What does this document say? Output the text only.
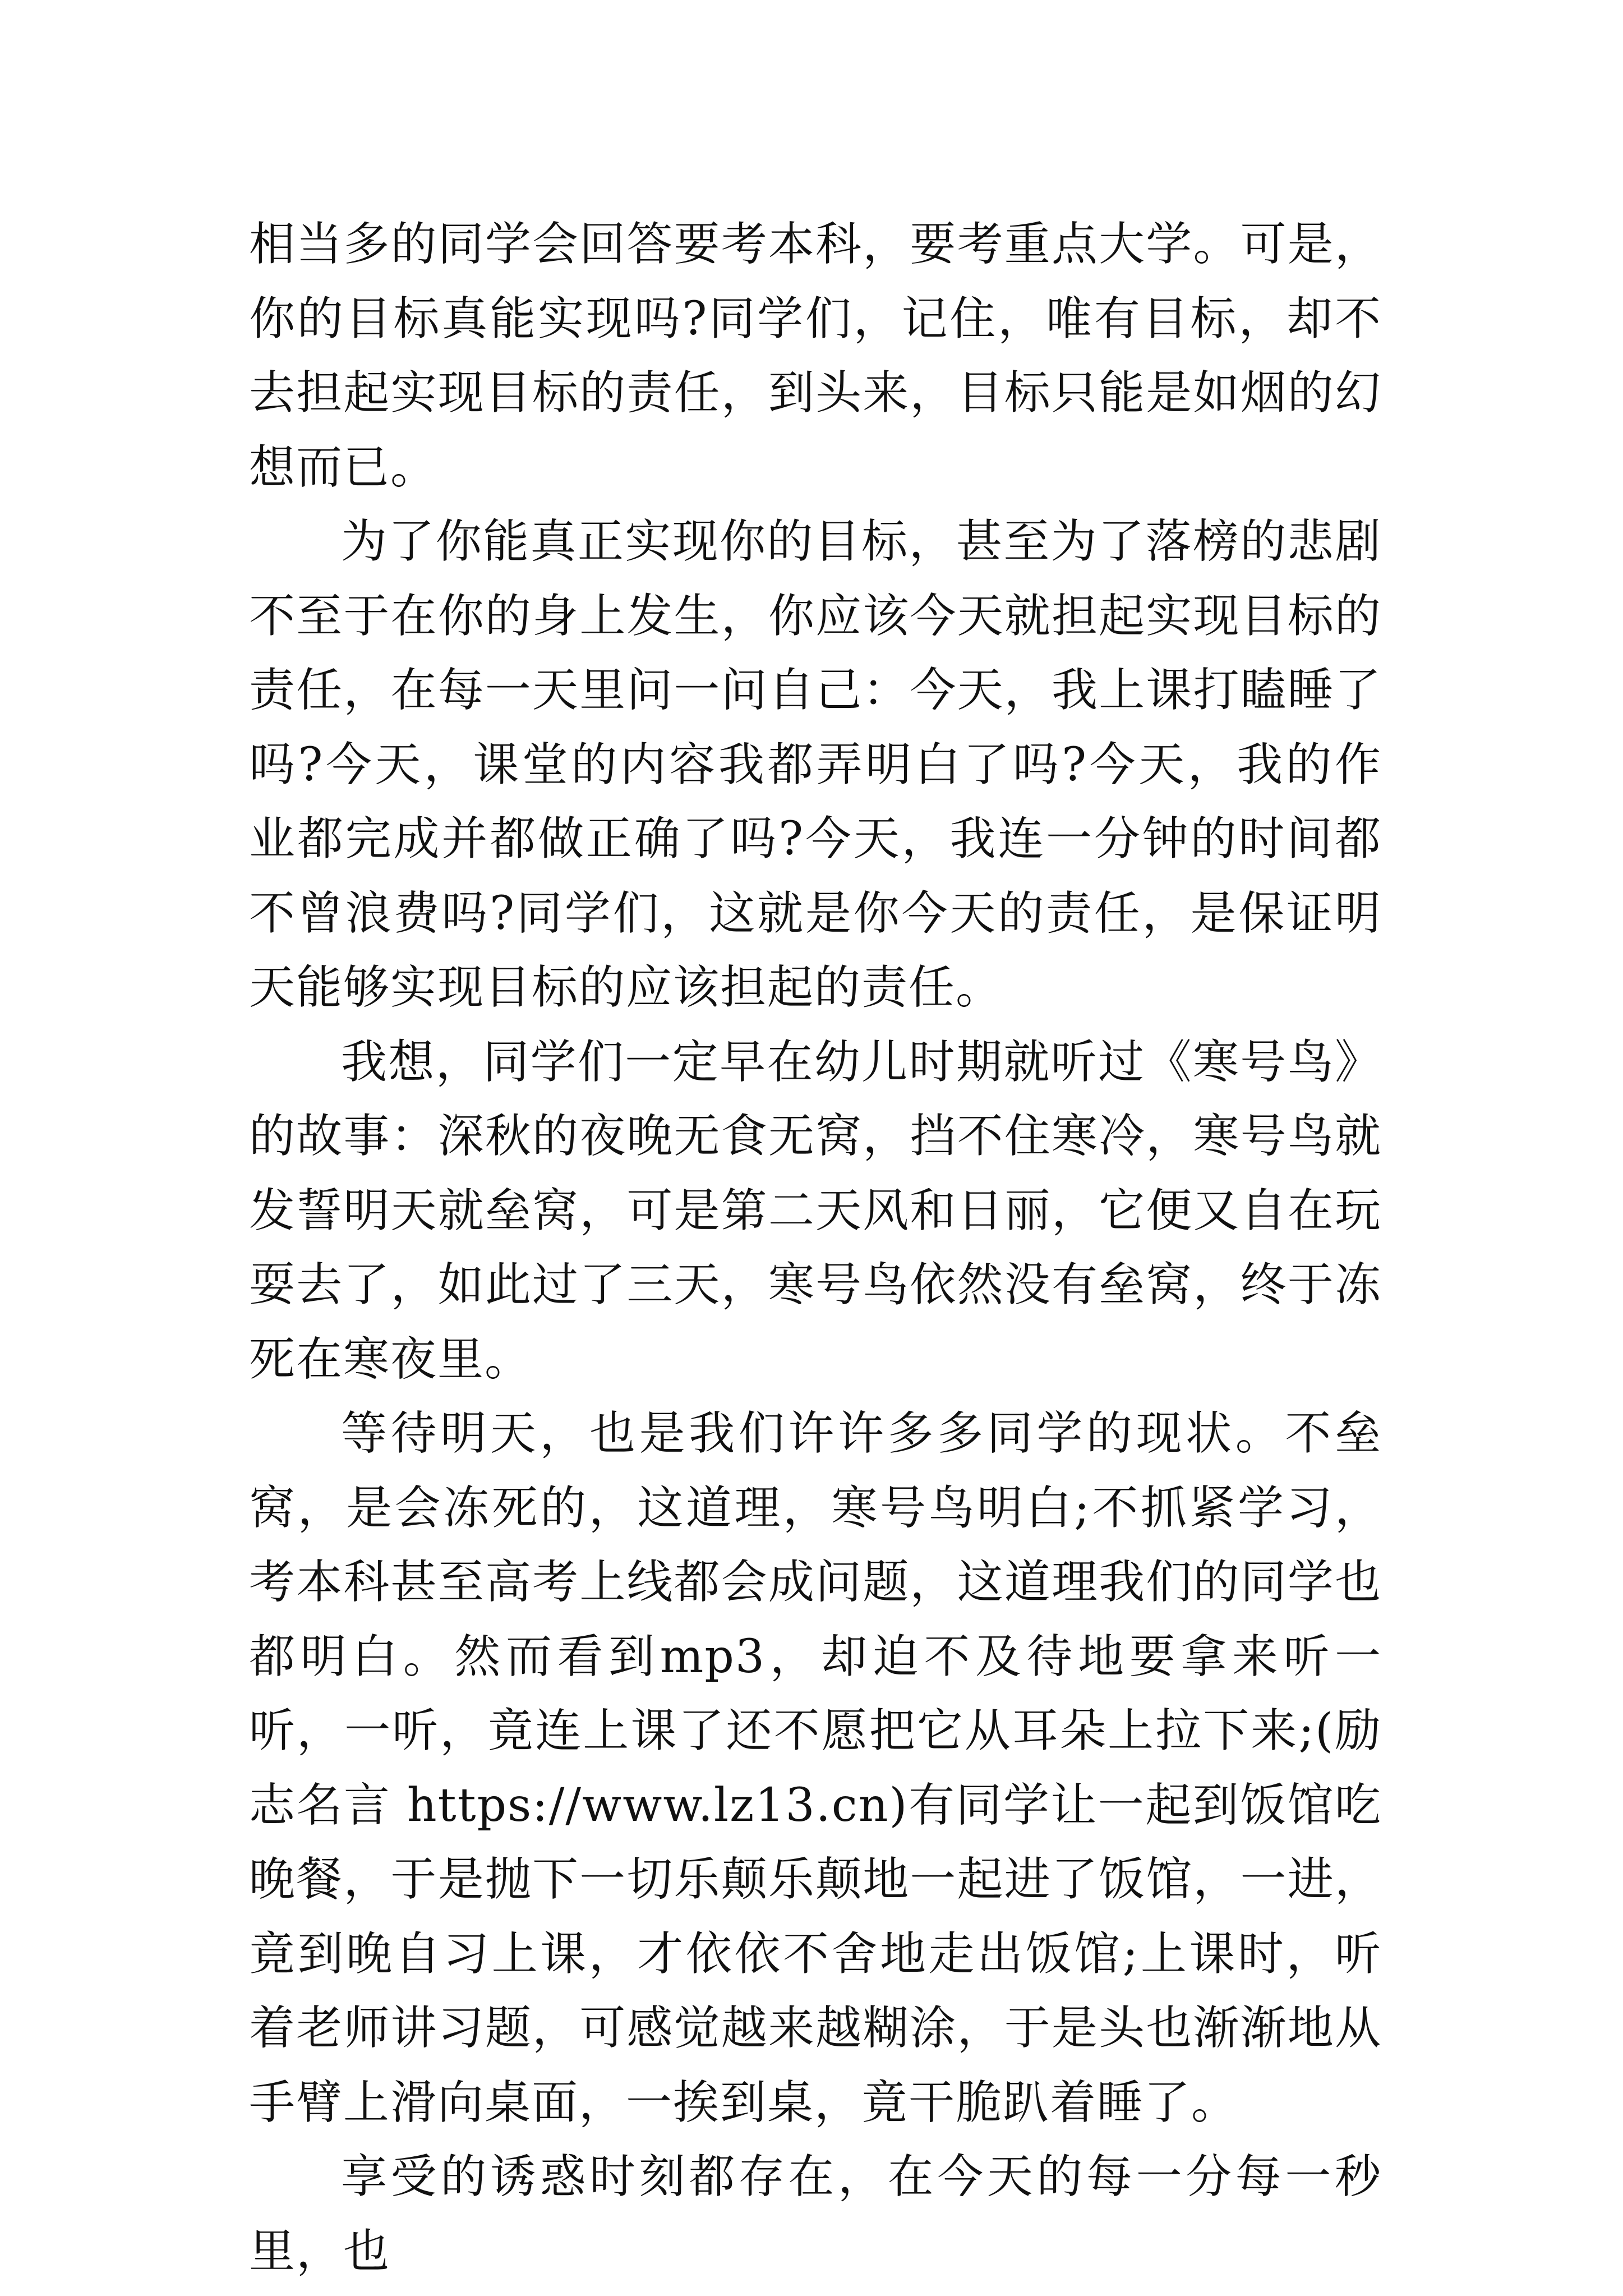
相当多的同学会回答要考本科，要考重点大学。可是，你的目标真能实现吗?同学们，记住，唯有目标，却不去担起实现目标的责任，到头来，目标只能是如烟的幻想而已。

为了你能真正实现你的目标，甚至为了落榜的悲剧不至于在你的身上发生，你应该今天就担起实现目标的责任，在每一天里问一问自己：今天，我上课打瞌睡了吗?今天，课堂的内容我都弄明白了吗?今天，我的作业都完成并都做正确了吗?今天，我连一分钟的时间都不曾浪费吗?同学们，这就是你今天的责任，是保证明天能够实现目标的应该担起的责任。

我想，同学们一定早在幼儿时期就听过《寒号鸟》的故事：深秋的夜晚无食无窝，挡不住寒冷，寒号鸟就发誓明天就垒窝，可是第二天风和日丽，它便又自在玩耍去了，如此过了三天，寒号鸟依然没有垒窝，终于冻死在寒夜里。

等待明天，也是我们许许多多同学的现状。不垒窝，是会冻死的，这道理，寒号鸟明白;不抓紧学习，考本科甚至高考上线都会成问题，这道理我们的同学也都明白。然而看到mp3，却迫不及待地要拿来听一听，一听，竟连上课了还不愿把它从耳朵上拉下来;(励志名言 https://www.lz13.cn)有同学让一起到饭馆吃晚餐，于是抛下一切乐颠乐颠地一起进了饭馆，一进，竟到晚自习上课，才依依不舍地走出饭馆;上课时，听着老师讲习题，可感觉越来越糊涂，于是头也渐渐地从手臂上滑向桌面，一挨到桌，竟干脆趴着睡了。

享受的诱惑时刻都存在，在今天的每一分每一秒里，也
